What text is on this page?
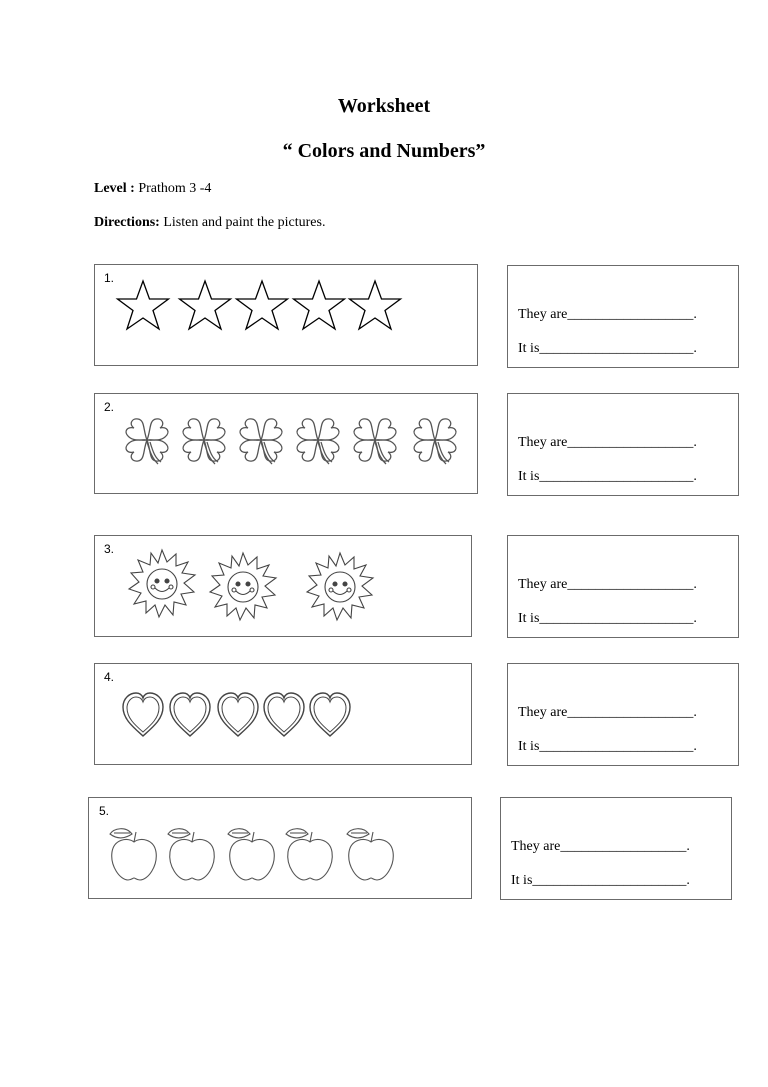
Worksheet
“ Colors and Numbers”

Level : Prathom 3 -4

Directions: Listen and paint the pictures.

1.
They are__________________.
It is______________________.
2.
They are__________________.
It is______________________.
3.
They are__________________.
It is______________________.
4.
They are__________________.
It is______________________.
5.
They are__________________.
It is______________________.
